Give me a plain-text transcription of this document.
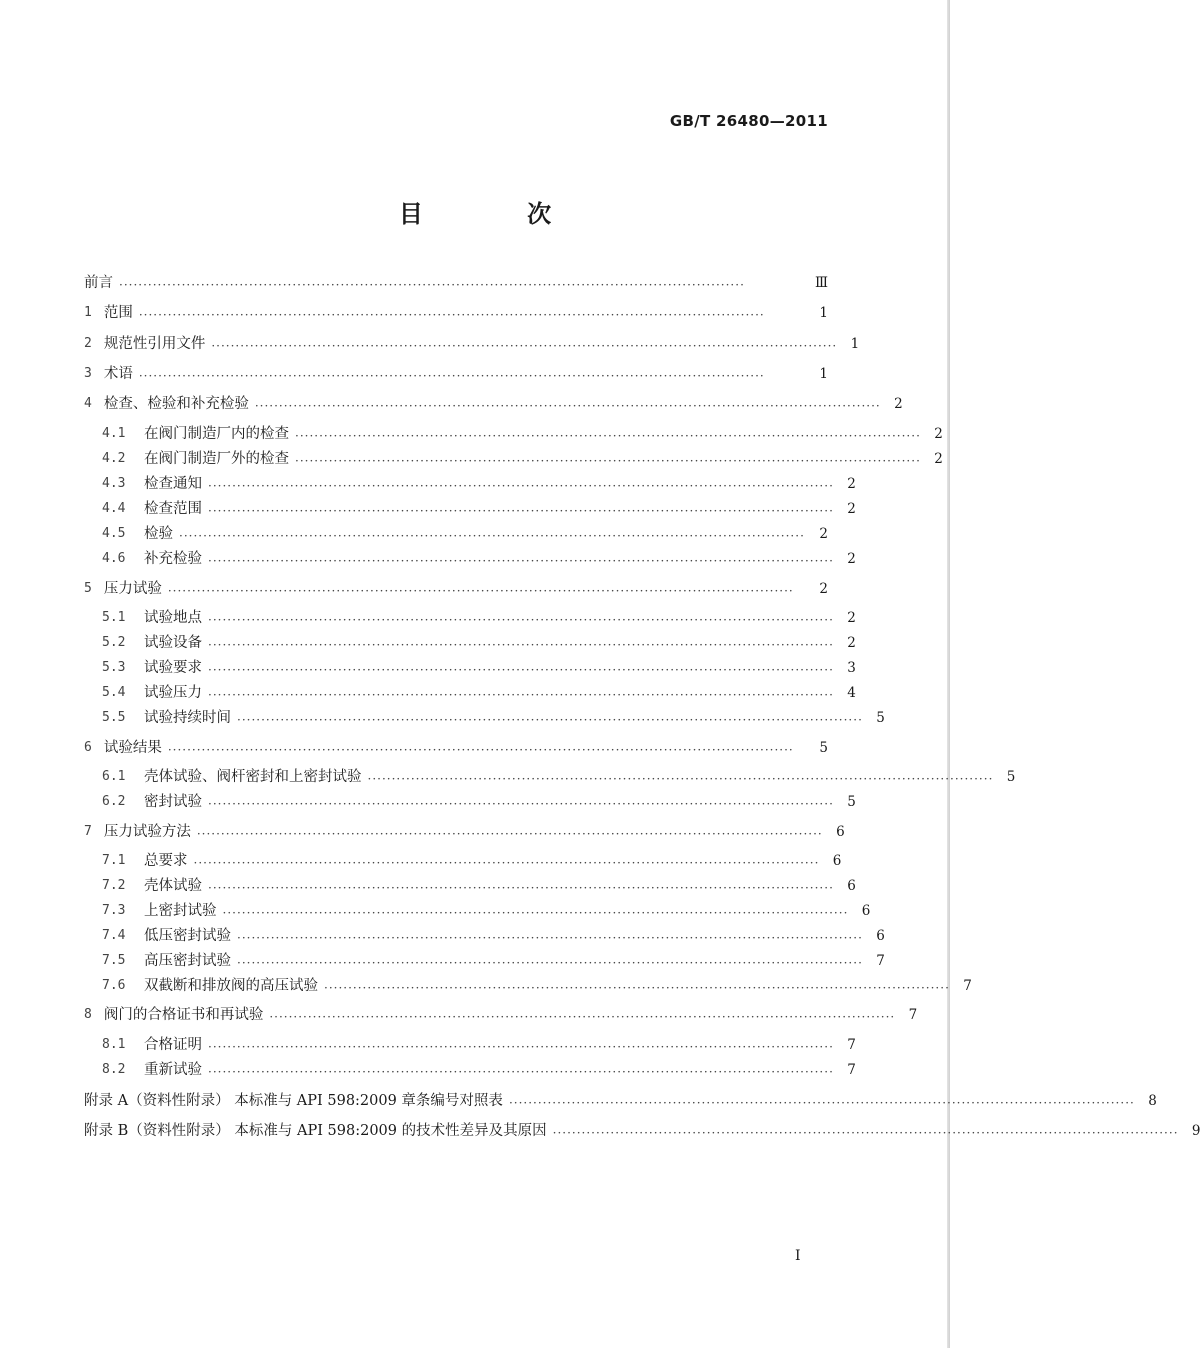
GB/T 26480—2011
目 次
前言 ··································································································································	Ⅲ
1 范围 ··································································································································	1
2 规范性引用文件 ·································································································································· 1
3 术语 ··································································································································	1
4 检查、检验和补充检验 ·································································································································· 2
4.1	在阀门制造厂内的检查 ·································································································································· 2
4.2	在阀门制造厂外的检查 ·································································································································· 2
4.3	检查通知 ·································································································································· 2
4.4	检查范围 ·································································································································· 2
4.5	检验 ··································································································································	2
4.6	补充检验 ·································································································································· 2
5 压力试验 ··································································································································	2
5.1	试验地点 ·································································································································· 2
5.2	试验设备 ·································································································································· 2
5.3	试验要求 ·································································································································· 3
5.4	试验压力 ·································································································································· 4
5.5	试验持续时间 ·································································································································· 5
6 试验结果 ··································································································································	5
6.1	壳体试验、阀杆密封和上密封试验 ·································································································································· 5
6.2	密封试验 ·································································································································· 5
7 压力试验方法 ·································································································································· 6
7.1	总要求 ·································································································································· 6
7.2	壳体试验 ·································································································································· 6
7.3	上密封试验 ·································································································································· 6
7.4	低压密封试验 ·································································································································· 6
7.5	高压密封试验 ·································································································································· 7
7.6	双截断和排放阀的高压试验 ·································································································································· 7
8 阀门的合格证书和再试验 ·································································································································· 7
8.1	合格证明 ·································································································································· 7
8.2	重新试验 ·································································································································· 7
附录 A（资料性附录） 本标准与 API 598:2009 章条编号对照表 ·································································································································· 8
附录 B（资料性附录） 本标准与 API 598:2009 的技术性差异及其原因 ·································································································································· 9
I
